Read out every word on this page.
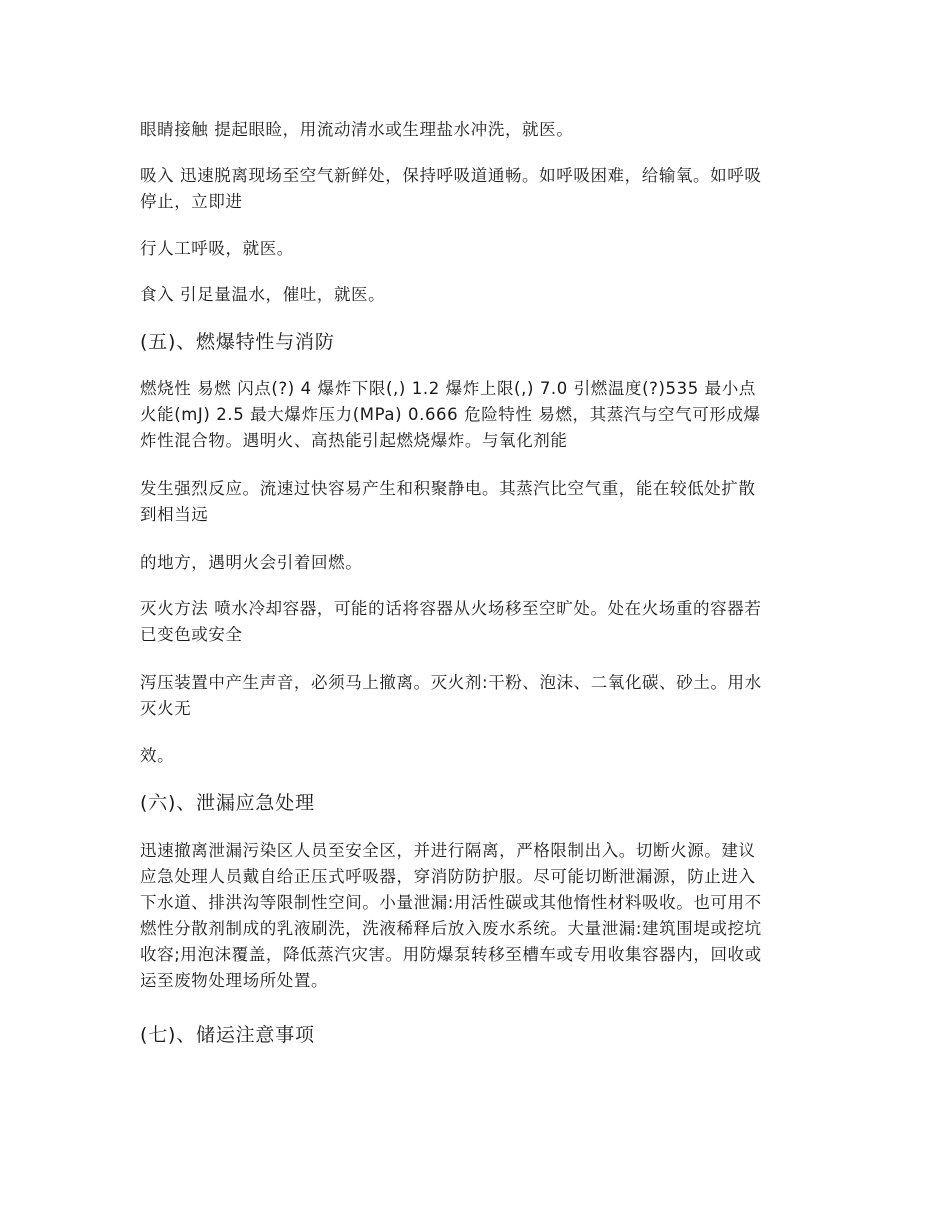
眼睛接触 提起眼睑，用流动清水或生理盐水冲洗，就医。

吸入 迅速脱离现场至空气新鲜处，保持呼吸道通畅。如呼吸困难，给输氧。如呼吸
停止，立即进

行人工呼吸，就医。

食入 引足量温水，催吐，就医。

(五)、燃爆特性与消防

燃烧性 易燃 闪点(?) 4 爆炸下限(,) 1.2 爆炸上限(,) 7.0 引燃温度(?)535 最小点
火能(mJ) 2.5 最大爆炸压力(MPa) 0.666 危险特性 易燃，其蒸汽与空气可形成爆
炸性混合物。遇明火、高热能引起燃烧爆炸。与氧化剂能

发生强烈反应。流速过快容易产生和积聚静电。其蒸汽比空气重，能在较低处扩散
到相当远

的地方，遇明火会引着回燃。

灭火方法 喷水冷却容器，可能的话将容器从火场移至空旷处。处在火场重的容器若
已变色或安全

泻压装置中产生声音，必须马上撤离。灭火剂:干粉、泡沫、二氧化碳、砂土。用水
灭火无

效。

(六)、泄漏应急处理

迅速撤离泄漏污染区人员至安全区，并进行隔离，严格限制出入。切断火源。建议
应急处理人员戴自给正压式呼吸器，穿消防防护服。尽可能切断泄漏源，防止进入
下水道、排洪沟等限制性空间。小量泄漏:用活性碳或其他惰性材料吸收。也可用不
燃性分散剂制成的乳液刷洗，洗液稀释后放入废水系统。大量泄漏:建筑围堤或挖坑
收容;用泡沫覆盖，降低蒸汽灾害。用防爆泵转移至槽车或专用收集容器内，回收或
运至废物处理场所处置。

(七)、储运注意事项
